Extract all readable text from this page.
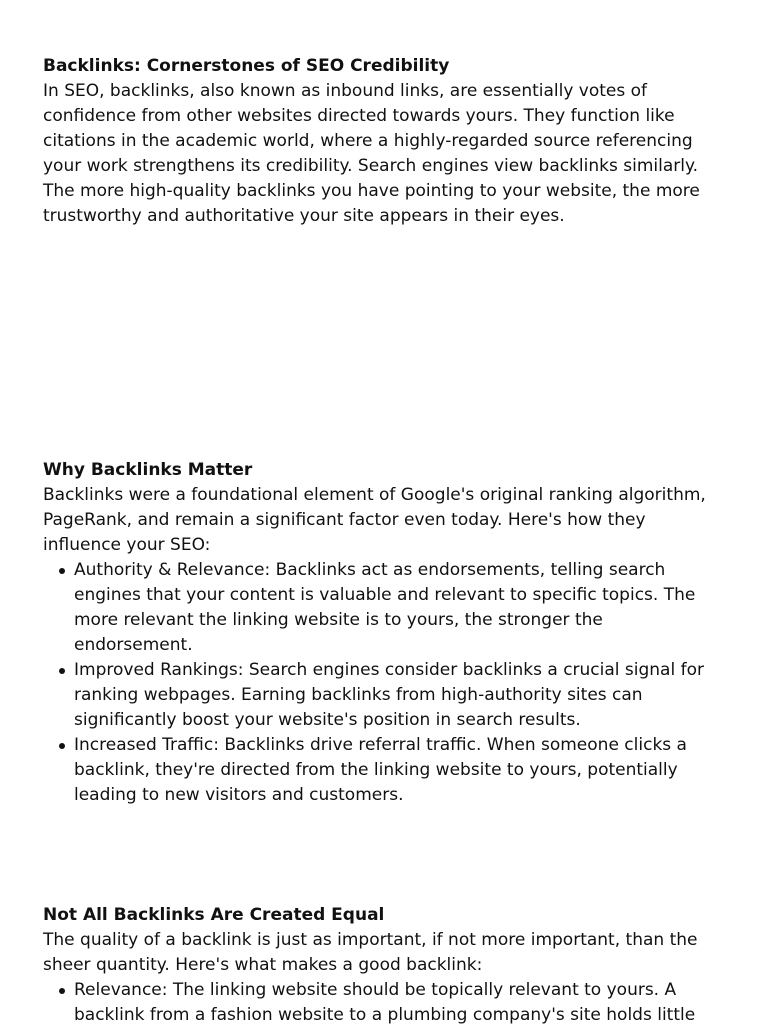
Backlinks: Cornerstones of SEO Credibility

In SEO, backlinks, also known as inbound links, are essentially votes of confidence from other websites directed towards yours. They function like citations in the academic world, where a highly-regarded source referencing your work strengthens its credibility. Search engines view backlinks similarly. The more high-quality backlinks you have pointing to your website, the more trustworthy and authoritative your site appears in their eyes.

Why Backlinks Matter

Backlinks were a foundational element of Google's original ranking algorithm, PageRank, and remain a significant factor even today. Here's how they influence your SEO:

Authority & Relevance: Backlinks act as endorsements, telling search engines that your content is valuable and relevant to specific topics. The more relevant the linking website is to yours, the stronger the endorsement.
Improved Rankings: Search engines consider backlinks a crucial signal for ranking webpages. Earning backlinks from high-authority sites can significantly boost your website's position in search results.
Increased Traffic: Backlinks drive referral traffic. When someone clicks a backlink, they're directed from the linking website to yours, potentially leading to new visitors and customers.

Not All Backlinks Are Created Equal

The quality of a backlink is just as important, if not more important, than the sheer quantity. Here's what makes a good backlink:

Relevance: The linking website should be topically relevant to yours. A backlink from a fashion website to a plumbing company's site holds little
